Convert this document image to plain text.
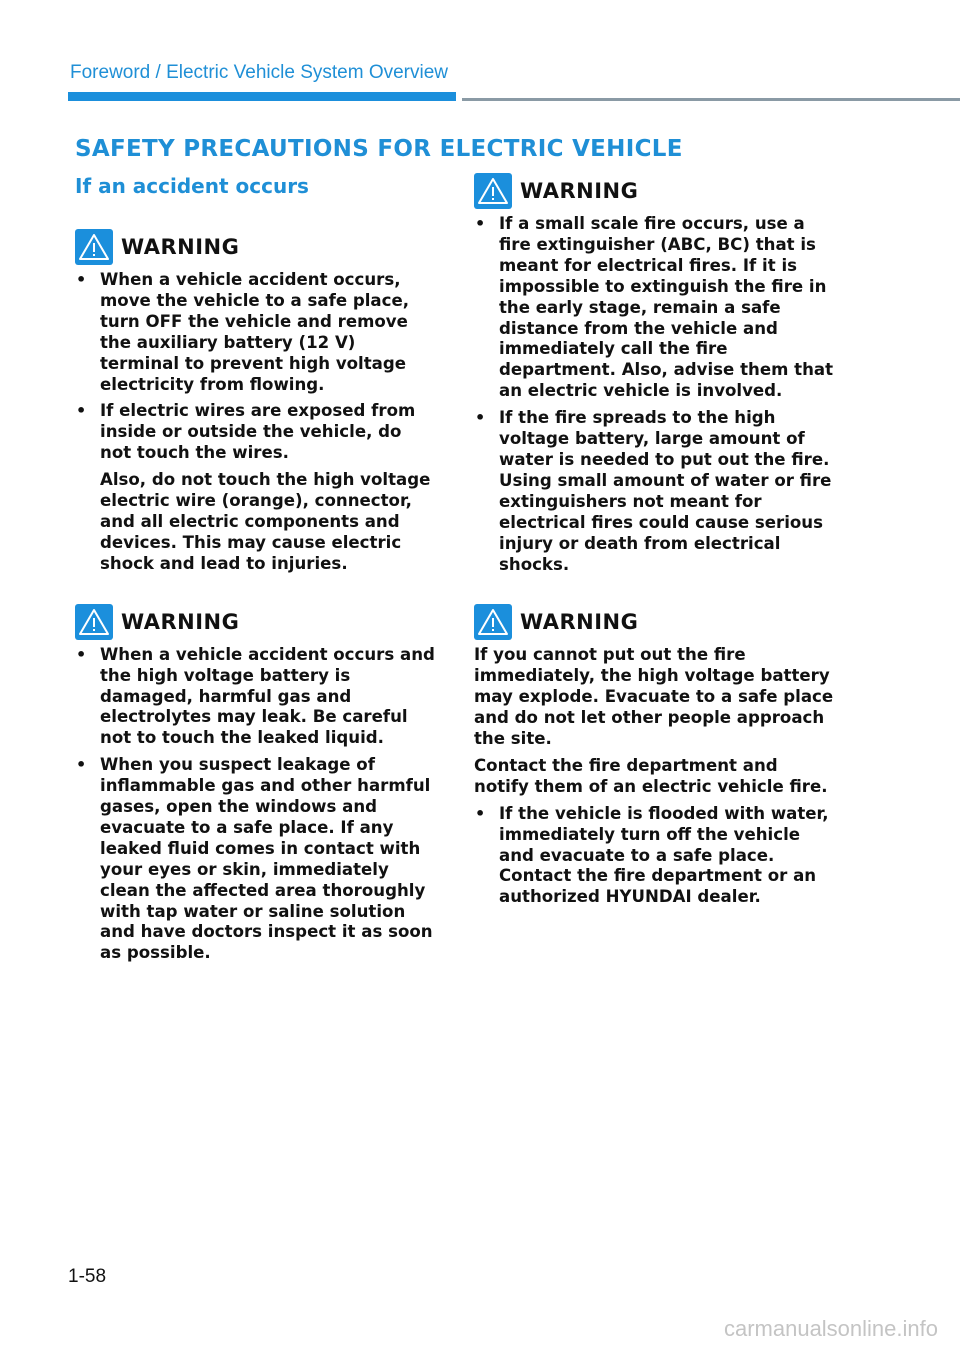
Foreword / Electric Vehicle System Overview
SAFETY PRECAUTIONS FOR ELECTRIC VEHICLE
If an accident occurs
WARNING
• When a vehicle accident occurs, move the vehicle to a safe place, turn OFF the vehicle and remove the auxiliary battery (12 V) terminal to prevent high voltage electricity from flowing.
• If electric wires are exposed from inside or outside the vehicle, do not touch the wires.
Also, do not touch the high voltage electric wire (orange), connector, and all electric components and devices. This may cause electric shock and lead to injuries.
WARNING
• When a vehicle accident occurs and the high voltage battery is damaged, harmful gas and electrolytes may leak. Be careful not to touch the leaked liquid.
• When you suspect leakage of inflammable gas and other harmful gases, open the windows and evacuate to a safe place. If any leaked fluid comes in contact with your eyes or skin, immediately clean the affected area thoroughly with tap water or saline solution and have doctors inspect it as soon as possible.
WARNING
• If a small scale fire occurs, use a fire extinguisher (ABC, BC) that is meant for electrical fires. If it is impossible to extinguish the fire in the early stage, remain a safe distance from the vehicle and immediately call the fire department. Also, advise them that an electric vehicle is involved.
• If the fire spreads to the high voltage battery, large amount of water is needed to put out the fire. Using small amount of water or fire extinguishers not meant for electrical fires could cause serious injury or death from electrical shocks.
WARNING

If you cannot put out the fire immediately, the high voltage battery may explode. Evacuate to a safe place and do not let other people approach the site.

Contact the fire department and notify them of an electric vehicle fire.

• If the vehicle is flooded with water, immediately turn off the vehicle and evacuate to a safe place. Contact the fire department or an authorized HYUNDAI dealer.
1-58
carmanualsonline.info
